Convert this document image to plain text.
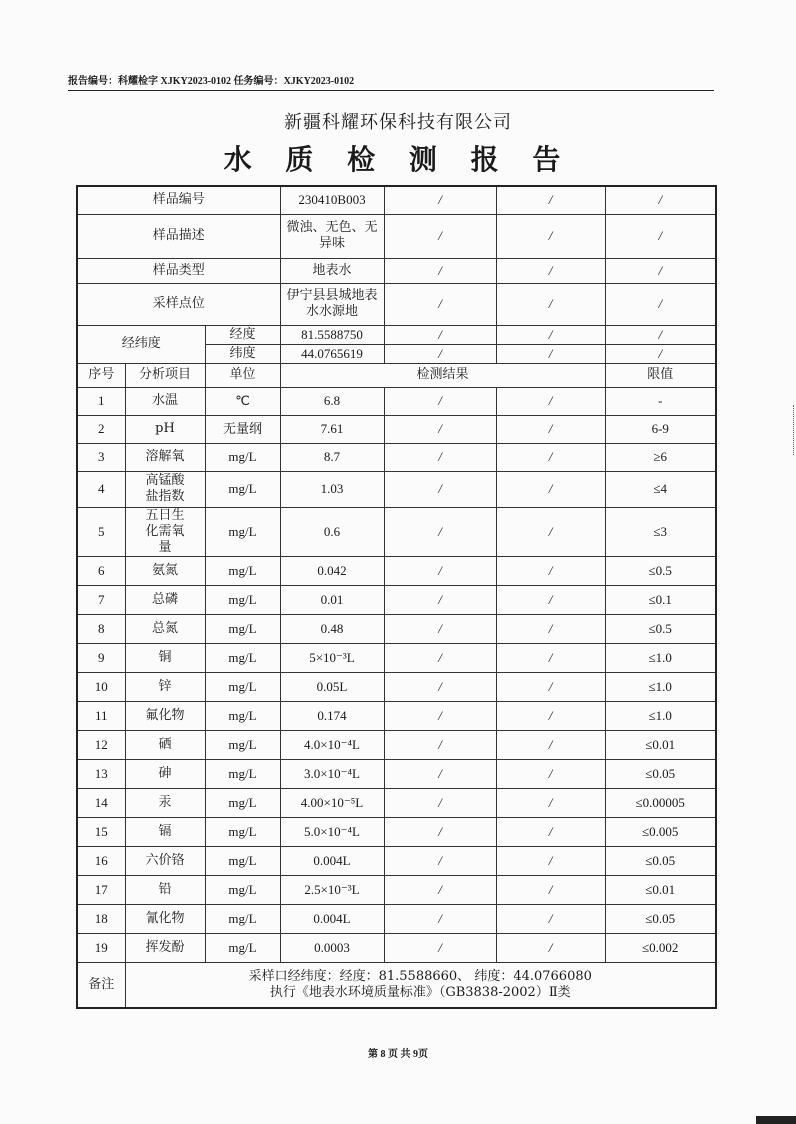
报告编号：科耀检字 XJKY2023-0102 任务编号：XJKY2023-0102
新疆科耀环保科技有限公司
水 质 检 测 报 告
样品编号			230410B003	/	/	/
样品描述			微浊、无色、无异味	/	/	/
样品类型			地表水	/	/	/
采样点位			伊宁县县城地表水水源地	/	/	/
经纬度		经度	81.5588750	/	/	/
		纬度	44.0765619	/	/	/
序号	分析项目	单位	检测结果			限值
1	水温	℃	6.8	/	/	-
2	pH	无量纲	7.61	/	/	6-9
3	溶解氧	mg/L	8.7	/	/	≥6
4	高锰酸盐指数	mg/L	1.03	/	/	≤4
5	五日生化需氧量	mg/L	0.6	/	/	≤3
6	氨氮	mg/L	0.042	/	/	≤0.5
7	总磷	mg/L	0.01	/	/	≤0.1
8	总氮	mg/L	0.48	/	/	≤0.5
9	铜	mg/L	5×10⁻³L	/	/	≤1.0
10	锌	mg/L	0.05L	/	/	≤1.0
11	氟化物	mg/L	0.174	/	/	≤1.0
12	硒	mg/L	4.0×10⁻⁴L	/	/	≤0.01
13	砷	mg/L	3.0×10⁻⁴L	/	/	≤0.05
14	汞	mg/L	4.00×10⁻⁵L	/	/	≤0.00005
15	镉	mg/L	5.0×10⁻⁴L	/	/	≤0.005
16	六价铬	mg/L	0.004L	/	/	≤0.05
17	铅	mg/L	2.5×10⁻³L	/	/	≤0.01
18	氰化物	mg/L	0.004L	/	/	≤0.05
19	挥发酚	mg/L	0.0003	/	/	≤0.002
备注	采样口经纬度：经度：81.5588660、 纬度：44.0766080
执行《地表水环境质量标准》（GB3838-2002）Ⅱ类					
第 8 页 共 9页
